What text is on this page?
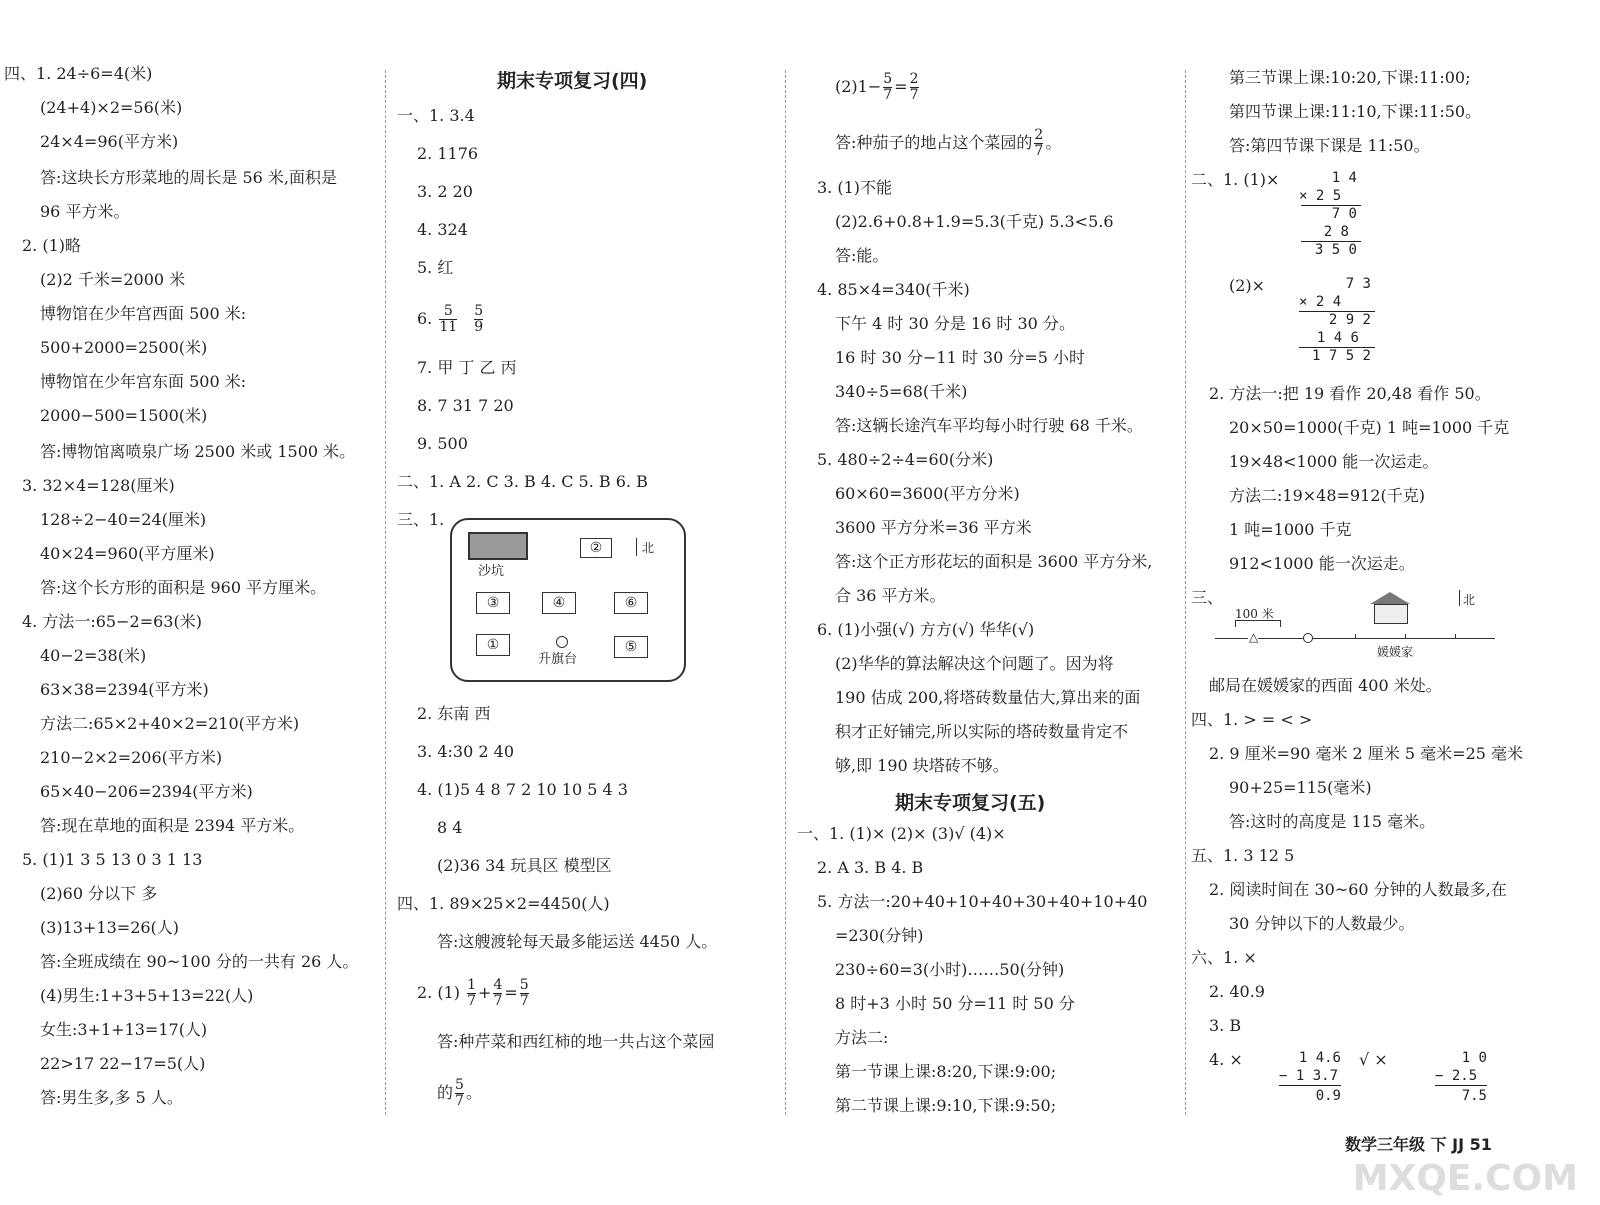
四、1. 24÷6=4(米)
(24+4)×2=56(米)
24×4=96(平方米)
答:这块长方形菜地的周长是 56 米,面积是
96 平方米。
2. (1)略
(2)2 千米=2000 米
博物馆在少年宫西面 500 米:
500+2000=2500(米)
博物馆在少年宫东面 500 米:
2000−500=1500(米)
答:博物馆离喷泉广场 2500 米或 1500 米。
3. 32×4=128(厘米)
128÷2−40=24(厘米)
40×24=960(平方厘米)
答:这个长方形的面积是 960 平方厘米。
4. 方法一:65−2=63(米)
40−2=38(米)
63×38=2394(平方米)
方法二:65×2+40×2=210(平方米)
210−2×2=206(平方米)
65×40−206=2394(平方米)
答:现在草地的面积是 2394 平方米。
5. (1)1 3 5 13 0 3 1 13
(2)60 分以下 多
(3)13+13=26(人)
答:全班成绩在 90~100 分的一共有 26 人。
(4)男生:1+3+5+13=22(人)
女生:3+1+13=17(人)
22>17 22−17=5(人)
答:男生多,多 5 人。
期末专项复习(四)
一、1. 3.4
2. 1176
3. 2 20
4. 324
5. 红
6. $\frac{5}{11}$
$\frac{5}{9}$
7. 甲 丁 乙 丙
8. 7 31 7 20
9. 500
二、1. A 2. C 3. B 4. C 5. B 6. B
三、1.
沙坑
②	北
③	④	⑥
①
升旗台
⑤
2. 东南 西
3. 4:30 2 40
4. (1)5 4 8 7 2 10 10 5 4 3
8 4
(2)36 34 玩具区 模型区
四、1. 89×25×2=4450(人)
答:这艘渡轮每天最多能运送 4450 人。
2. $(1) \frac{1}{7} + \frac{4}{7} = \frac{5}{7}$
答:种芹菜和西红柿的地一共占这个菜园
的 $\frac{5}{7}$ 。
$(2)1- \frac{5}{7} = \frac{2}{7}$
答:种茄子的地占这个菜园的 $\frac{2}{7}$ 。
3. (1)不能
(2)2.6+0.8+1.9=5.3(千克) 5.3<5.6
答:能。
4. 85×4=340(千米)
下午 4 时 30 分是 16 时 30 分。
16 时 30 分−11 时 30 分=5 小时
340÷5=68(千米)
答:这辆长途汽车平均每小时行驶 68 千米。
5. 480÷2÷4=60(分米)
60×60=3600(平方分米)
3600 平方分米=36 平方米
答:这个正方形花坛的面积是 3600 平方分米,
合 36 平方米。
6. (1)小强(√) 方方(√) 华华(√)
(2)华华的算法解决这个问题了。因为将
190 估成 200,将塔砖数量估大,算出来的面
积才正好铺完,所以实际的塔砖数量肯定不
够,即 190 块塔砖不够。
期末专项复习(五)
一、1. (1)× (2)× (3)√ (4)×
2. A 3. B 4. B
5. 方法一:20+40+10+40+30+40+10+40
=230(分钟)
230÷60=3(小时)……50(分钟)
8 时+3 小时 50 分=11 时 50 分
方法二:
第一节课上课:8:20,下课:9:00;
第二节课上课:9:10,下课:9:50;
第三节课上课:10:20,下课:11:00;
第四节课上课:11:10,下课:11:50。
答:第四节课下课是 11:50。
二、1. (1)×	1 4
× 2 5
7 0
2 8
3 5 0
(2)×	7 3
× 2 4
2 9 2
1 4 6
1 7 5 2
2. 方法一:把 19 看作 20,48 看作 50。
20×50=1000(千克) 1 吨=1000 千克
19×48<1000 能一次运走。
方法二:19×48=912(千克)
1 吨=1000 千克
912<1000 能一次运走。
三、
100 米
△
媛媛家
北
邮局在媛媛家的西面 400 米处。
四、1. > = < >
2. 9 厘米=90 毫米 2 厘米 5 毫米=25 毫米
90+25=115(毫米)
答:这时的高度是 115 毫米。
五、1. 3 12 5
2. 阅读时间在 30~60 分钟的人数最多,在
30 分钟以下的人数最少。
六、1. ×
2. 40.9
3. B
4. ×	1 4.6
− 1 3.7
0.9
√ ×	1 0
− 2.5
7.5
数学三年级 下 JJ 51
MXQE.COM
